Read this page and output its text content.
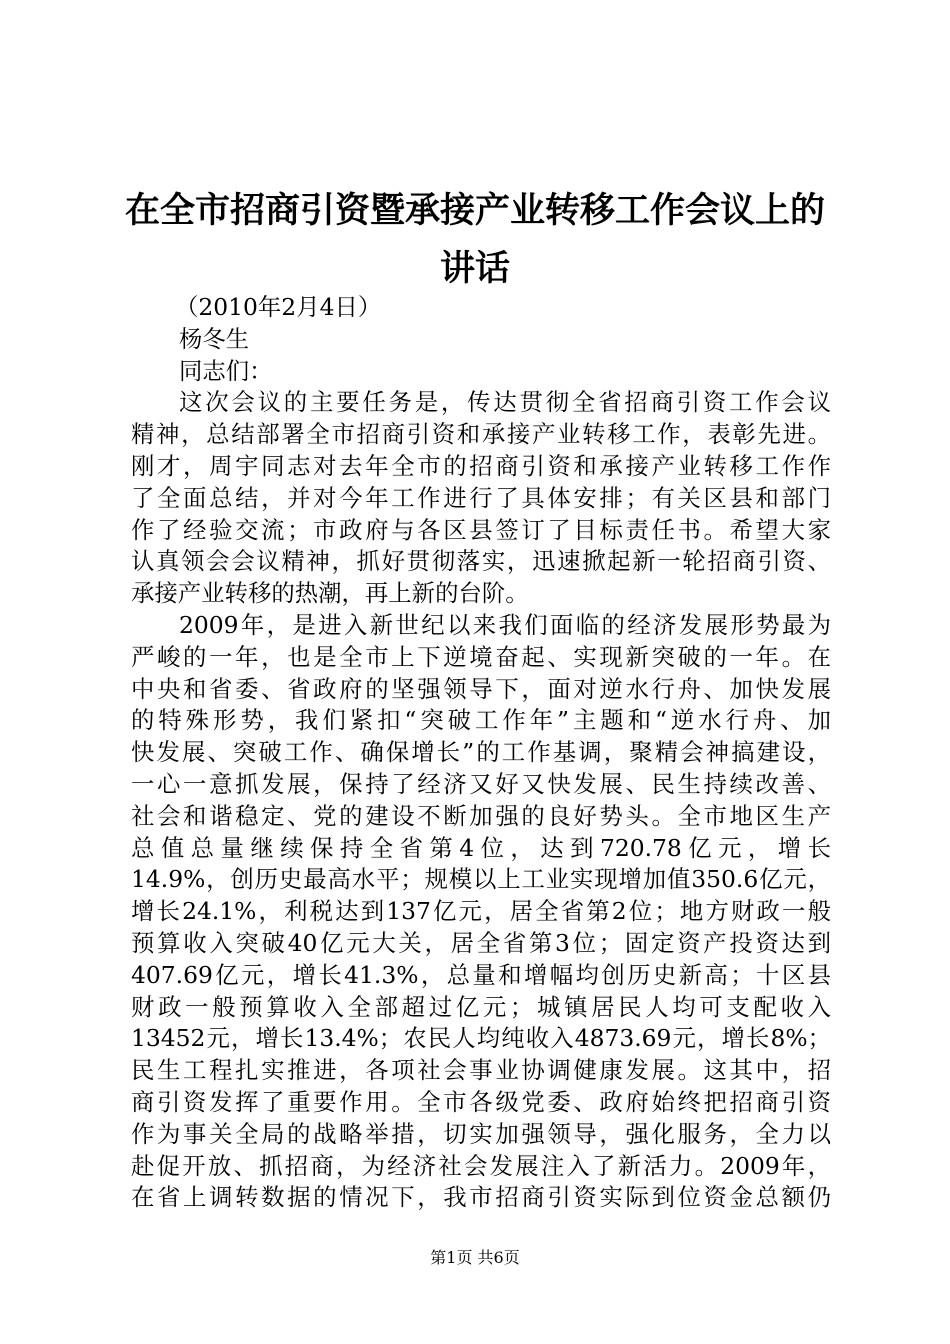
在全市招商引资暨承接产业转移工作会议上的
讲话
（2010年2月4日）
杨冬生
同志们：
这次会议的主要任务是，传达贯彻全省招商引资工作会议
精神，总结部署全市招商引资和承接产业转移工作，表彰先进。
刚才，周宇同志对去年全市的招商引资和承接产业转移工作作
了全面总结，并对今年工作进行了具体安排；有关区县和部门
作了经验交流；市政府与各区县签订了目标责任书。希望大家
认真领会会议精神，抓好贯彻落实，迅速掀起新一轮招商引资、
承接产业转移的热潮，再上新的台阶。
2009年，是进入新世纪以来我们面临的经济发展形势最为
严峻的一年，也是全市上下逆境奋起、实现新突破的一年。在
中央和省委、省政府的坚强领导下，面对逆水行舟、加快发展
的特殊形势，我们紧扣“突破工作年”主题和“逆水行舟、加
快发展、突破工作、确保增长”的工作基调，聚精会神搞建设，
一心一意抓发展，保持了经济又好又快发展、民生持续改善、
社会和谐稳定、党的建设不断加强的良好势头。全市地区生产
总值总量继续保持全省第4位，达到720.78亿元，增长
14.9%，创历史最高水平；规模以上工业实现增加值350.6亿元，
增长24.1%，利税达到137亿元，居全省第2位；地方财政一般
预算收入突破40亿元大关，居全省第3位；固定资产投资达到
407.69亿元，增长41.3%，总量和增幅均创历史新高；十区县
财政一般预算收入全部超过亿元；城镇居民人均可支配收入
13452元，增长13.4%；农民人均纯收入4873.69元，增长8%；
民生工程扎实推进，各项社会事业协调健康发展。这其中，招
商引资发挥了重要作用。全市各级党委、政府始终把招商引资
作为事关全局的战略举措，切实加强领导，强化服务，全力以
赴促开放、抓招商，为经济社会发展注入了新活力。2009年，
在省上调转数据的情况下，我市招商引资实际到位资金总额仍
第1页 共6页
